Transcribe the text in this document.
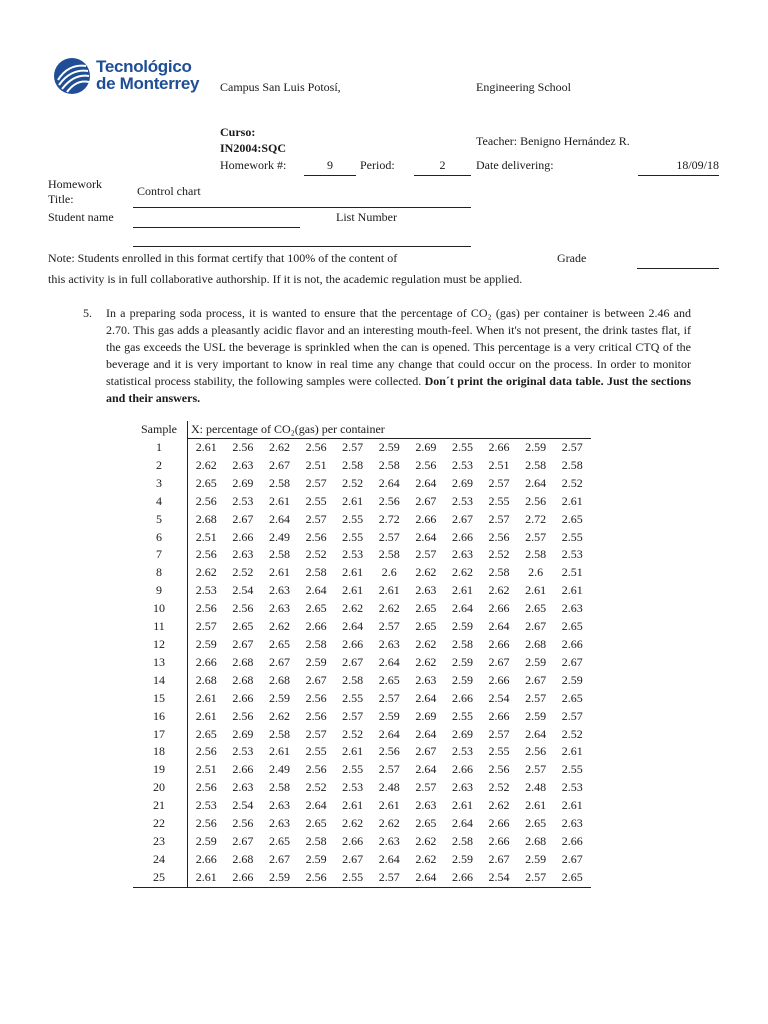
Tecnológico
de Monterrey Campus San Luis Potosí,	Engineering School
Curso:
IN2004:SQC	Teacher: Benigno Hernández R.
Homework #:	9	Period:	2	Date delivering:	18/09/18
Homework
Title:
Control chart
Student name	List Number
Note: Students enrolled in this format certify that 100% of the content of	Grade
this activity is in full collaborative authorship. If it is not, the academic regulation must be applied.
5. In a preparing soda process, it is wanted to ensure that the percentage of CO₂ (gas) per container is between 2.46 and 2.70. This gas adds a pleasantly acidic flavor and an interesting mouth-feel. When it's not present, the drink tastes flat, if the gas exceeds the USL the beverage is sprinkled when the can is opened. This percentage is a very critical CTQ of the beverage and it is very important to know in real time any change that could occur on the process. In order to monitor statistical process stability, the following samples were collected. Don´t print the original data table. Just the sections and their answers.
Sample	X: percentage of CO₂(gas) per container										
1	2.61	2.56	2.62	2.56	2.57	2.59	2.69	2.55	2.66	2.59	2.57
2	2.62	2.63	2.67	2.51	2.58	2.58	2.56	2.53	2.51	2.58	2.58
3	2.65	2.69	2.58	2.57	2.52	2.64	2.64	2.69	2.57	2.64	2.52
4	2.56	2.53	2.61	2.55	2.61	2.56	2.67	2.53	2.55	2.56	2.61
5	2.68	2.67	2.64	2.57	2.55	2.72	2.66	2.67	2.57	2.72	2.65
6	2.51	2.66	2.49	2.56	2.55	2.57	2.64	2.66	2.56	2.57	2.55
7	2.56	2.63	2.58	2.52	2.53	2.58	2.57	2.63	2.52	2.58	2.53
8	2.62	2.52	2.61	2.58	2.61	2.6	2.62	2.62	2.58	2.6	2.51
9	2.53	2.54	2.63	2.64	2.61	2.61	2.63	2.61	2.62	2.61	2.61
10	2.56	2.56	2.63	2.65	2.62	2.62	2.65	2.64	2.66	2.65	2.63
11	2.57	2.65	2.62	2.66	2.64	2.57	2.65	2.59	2.64	2.67	2.65
12	2.59	2.67	2.65	2.58	2.66	2.63	2.62	2.58	2.66	2.68	2.66
13	2.66	2.68	2.67	2.59	2.67	2.64	2.62	2.59	2.67	2.59	2.67
14	2.68	2.68	2.68	2.67	2.58	2.65	2.63	2.59	2.66	2.67	2.59
15	2.61	2.66	2.59	2.56	2.55	2.57	2.64	2.66	2.54	2.57	2.65
16	2.61	2.56	2.62	2.56	2.57	2.59	2.69	2.55	2.66	2.59	2.57
17	2.65	2.69	2.58	2.57	2.52	2.64	2.64	2.69	2.57	2.64	2.52
18	2.56	2.53	2.61	2.55	2.61	2.56	2.67	2.53	2.55	2.56	2.61
19	2.51	2.66	2.49	2.56	2.55	2.57	2.64	2.66	2.56	2.57	2.55
20	2.56	2.63	2.58	2.52	2.53	2.48	2.57	2.63	2.52	2.48	2.53
21	2.53	2.54	2.63	2.64	2.61	2.61	2.63	2.61	2.62	2.61	2.61
22	2.56	2.56	2.63	2.65	2.62	2.62	2.65	2.64	2.66	2.65	2.63
23	2.59	2.67	2.65	2.58	2.66	2.63	2.62	2.58	2.66	2.68	2.66
24	2.66	2.68	2.67	2.59	2.67	2.64	2.62	2.59	2.67	2.59	2.67
25	2.61	2.66	2.59	2.56	2.55	2.57	2.64	2.66	2.54	2.57	2.65
